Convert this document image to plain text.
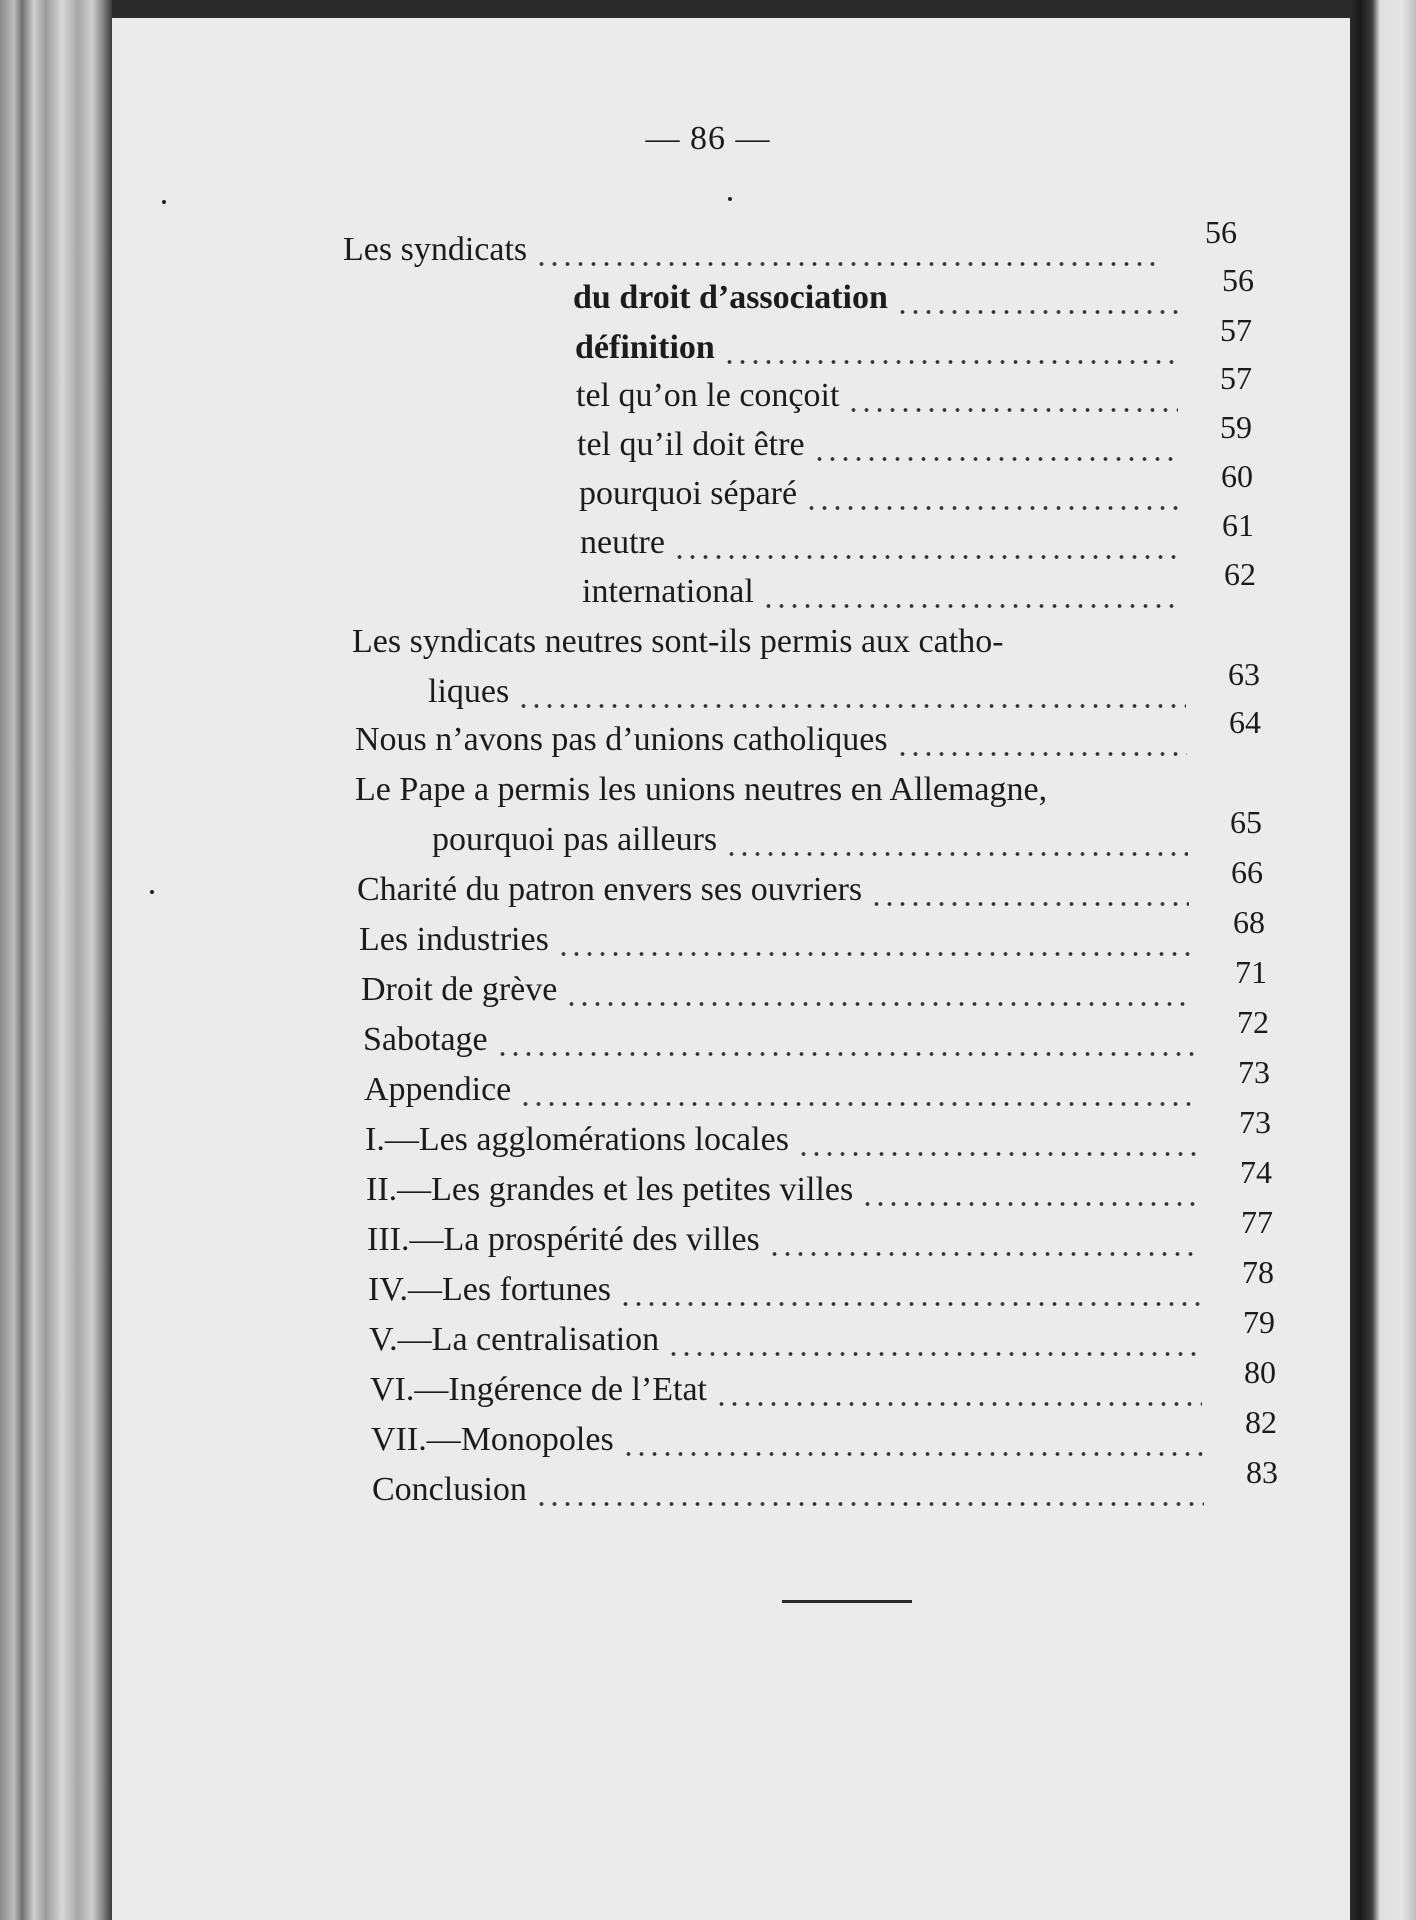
— 86 —
Les syndicats	56
du droit d’association	56
définition	57
tel qu’on le conçoit	57
tel qu’il doit être	59
pourquoi séparé	60
neutre	61
international	62
Les syndicats neutres sont-ils permis aux catho-
liques	63
Nous n’avons pas d’unions catholiques	64
Le Pape a permis les unions neutres en Allemagne,
pourquoi pas ailleurs	65
Charité du patron envers ses ouvriers	66
Les industries	68
Droit de grève	71
Sabotage	72
Appendice	73
I.—Les agglomérations locales	73
II.—Les grandes et les petites villes	74
III.—La prospérité des villes	77
IV.—Les fortunes	78
V.—La centralisation	79
VI.—Ingérence de l’Etat	80
VII.—Monopoles	82
Conclusion	83
